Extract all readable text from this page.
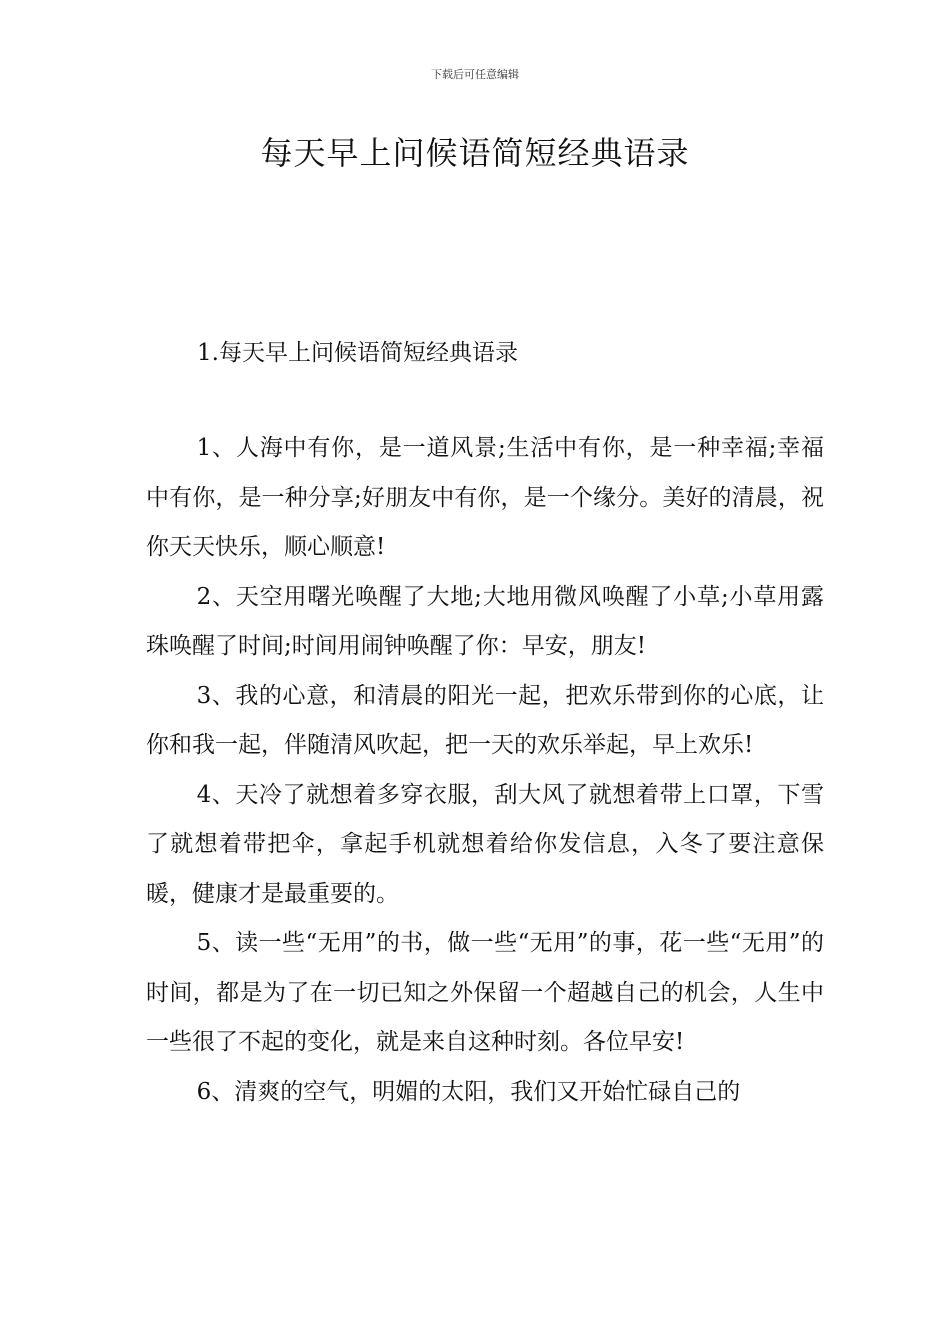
下载后可任意编辑
每天早上问候语简短经典语录
1.每天早上问候语简短经典语录

1、人海中有你，是一道风景;生活中有你，是一种幸福;幸福中有你，是一种分享;好朋友中有你，是一个缘分。美好的清晨，祝你天天快乐，顺心顺意!

2、天空用曙光唤醒了大地;大地用微风唤醒了小草;小草用露珠唤醒了时间;时间用闹钟唤醒了你：早安，朋友!

3、我的心意，和清晨的阳光一起，把欢乐带到你的心底，让你和我一起，伴随清风吹起，把一天的欢乐举起，早上欢乐!

4、天冷了就想着多穿衣服，刮大风了就想着带上口罩，下雪了就想着带把伞，拿起手机就想着给你发信息，入冬了要注意保暖，健康才是最重要的。

5、读一些“无用”的书，做一些“无用”的事，花一些“无用”的时间，都是为了在一切已知之外保留一个超越自己的机会，人生中一些很了不起的变化，就是来自这种时刻。各位早安!

6、清爽的空气，明媚的太阳，我们又开始忙碌自己的
